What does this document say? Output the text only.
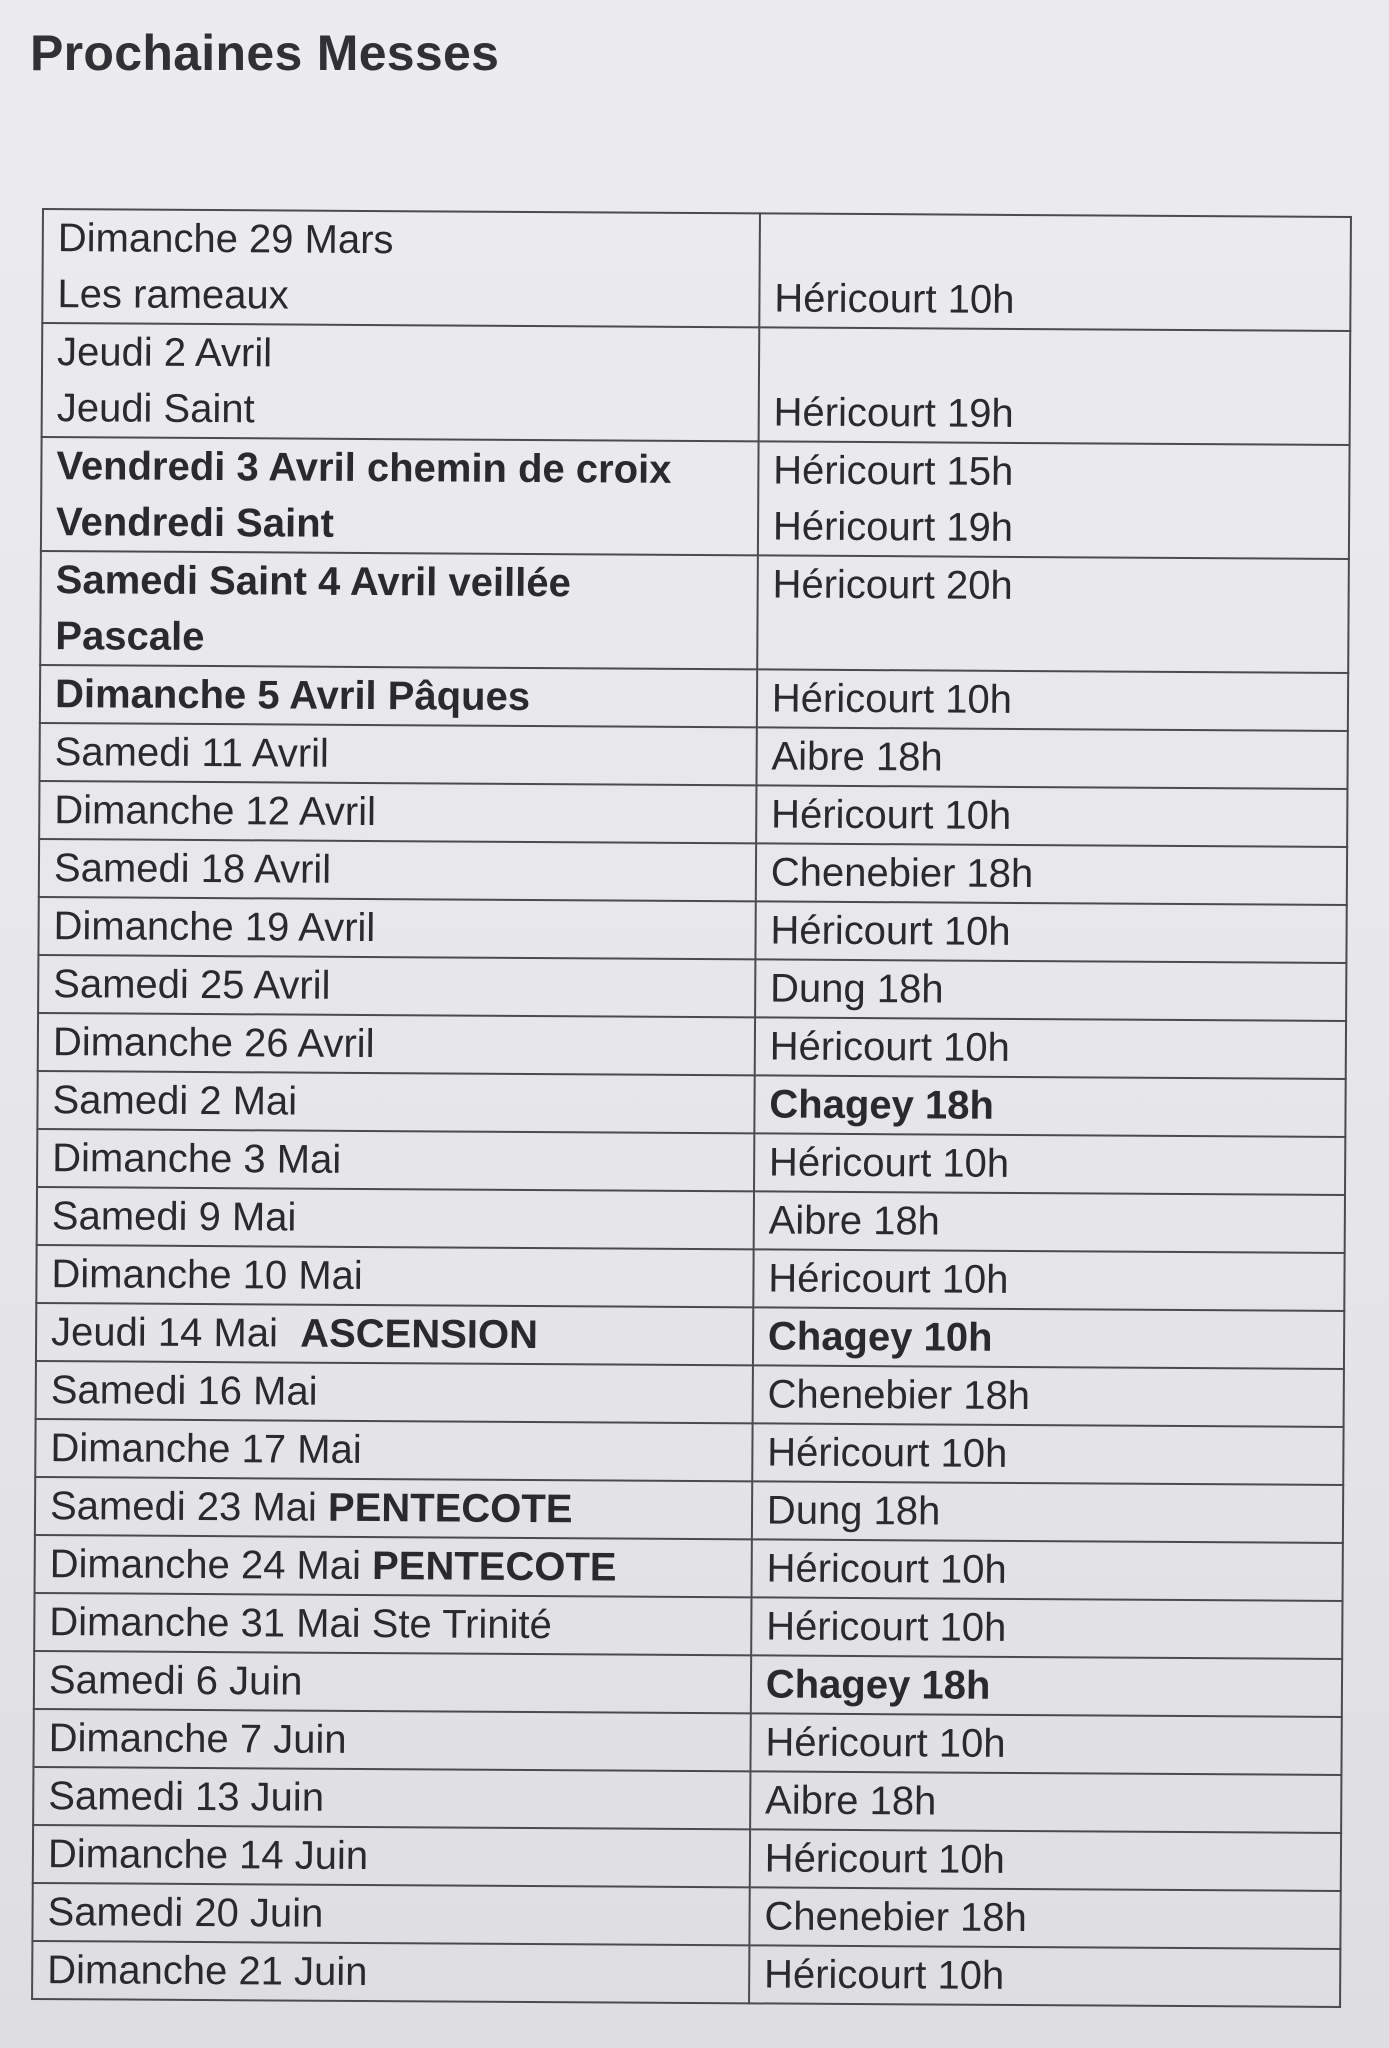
Prochaines Messes
Dimanche 29 Mars
Les rameaux	Héricourt 10h

Jeudi 2 Avril
Jeudi Saint	Héricourt 19h

Vendredi 3 Avril chemin de croix
Vendredi Saint	Héricourt 15h
Héricourt 19h

Samedi Saint 4 Avril veillée
Pascale	Héricourt 20h

Dimanche 5 Avril Pâques	Héricourt 10h
Samedi 11 Avril	Aibre 18h
Dimanche 12 Avril	Héricourt 10h
Samedi 18 Avril	Chenebier 18h
Dimanche 19 Avril	Héricourt 10h
Samedi 25 Avril	Dung 18h
Dimanche 26 Avril	Héricourt 10h
Samedi 2 Mai	Chagey 18h
Dimanche 3 Mai	Héricourt 10h
Samedi 9 Mai	Aibre 18h
Dimanche 10 Mai	Héricourt 10h
Jeudi 14 Mai ASCENSION	Chagey 10h
Samedi 16 Mai	Chenebier 18h
Dimanche 17 Mai	Héricourt 10h
Samedi 23 Mai PENTECOTE	Dung 18h
Dimanche 24 Mai PENTECOTE	Héricourt 10h
Dimanche 31 Mai Ste Trinité	Héricourt 10h
Samedi 6 Juin	Chagey 18h
Dimanche 7 Juin	Héricourt 10h
Samedi 13 Juin	Aibre 18h
Dimanche 14 Juin	Héricourt 10h
Samedi 20 Juin	Chenebier 18h
Dimanche 21 Juin	Héricourt 10h
